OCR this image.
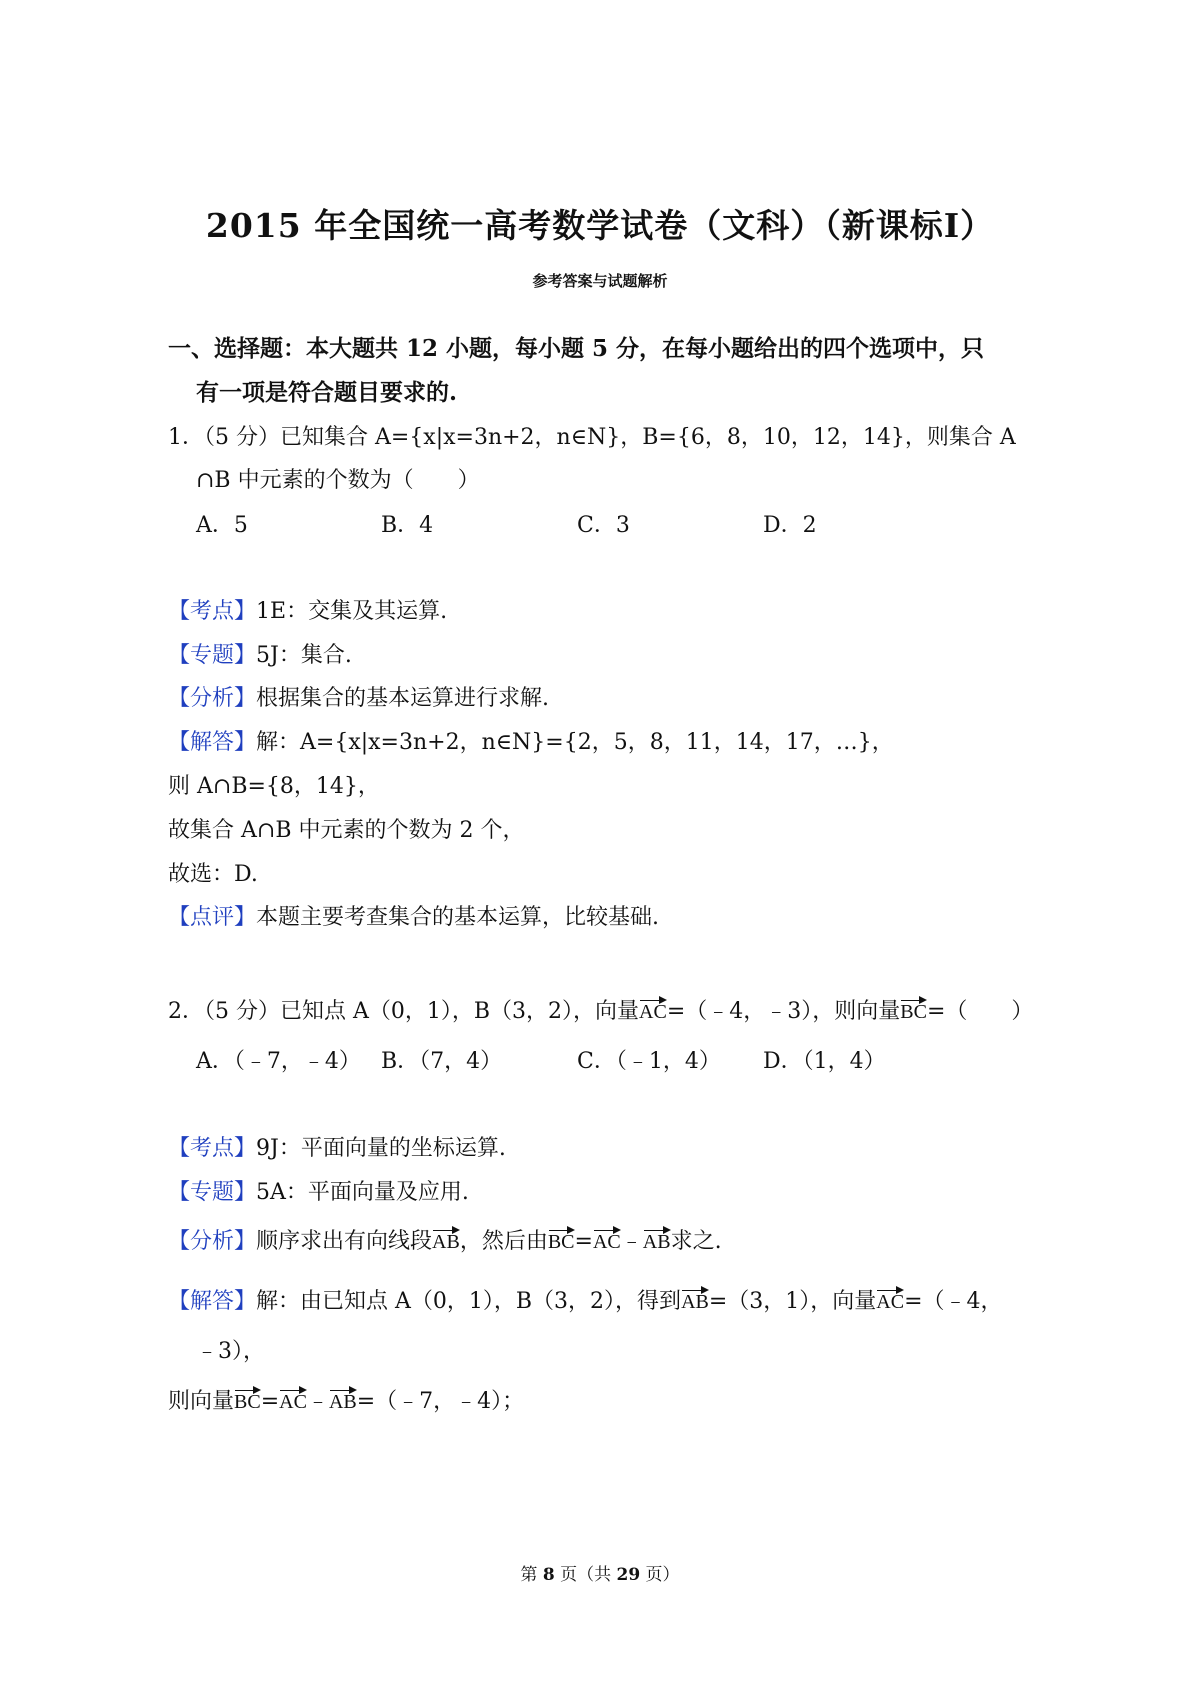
2015 年全国统一高考数学试卷（文科）（新课标Ⅰ）
参考答案与试题解析
一、选择题：本大题共 12 小题，每小题 5 分，在每小题给出的四个选项中，只
有一项是符合题目要求的.
1．（5 分）已知集合 A={x|x=3n+2，n∈N}，B={6，8，10，12，14}，则集合 A
∩B 中元素的个数为（　　）
A．5	B．4	C．3	D．2
【考点】1E：交集及其运算.
【专题】5J：集合.
【分析】根据集合的基本运算进行求解.
【解答】解：A={x|x=3n+2，n∈N}={2，5，8，11，14，17，…}，
则 A∩B={8，14}，
故集合 A∩B 中元素的个数为 2 个，
故选：D.
【点评】本题主要考查集合的基本运算，比较基础.
2．（5 分）已知点 A（0，1），B（3，2），向量AC=（﹣4，﹣3），则向量BC=（　　）
A．（﹣7，﹣4） B．（7，4）	C．（﹣1，4） D．（1，4）
【考点】9J：平面向量的坐标运算.
【专题】5A：平面向量及应用.
【分析】顺序求出有向线段AB，然后由BC=AC﹣AB求之.
【解答】解：由已知点 A（0，1），B（3，2），得到AB=（3，1），向量AC=（﹣4，
﹣3），
则向量BC=AC﹣AB=（﹣7，﹣4）；
第 8 页（共 29 页）
